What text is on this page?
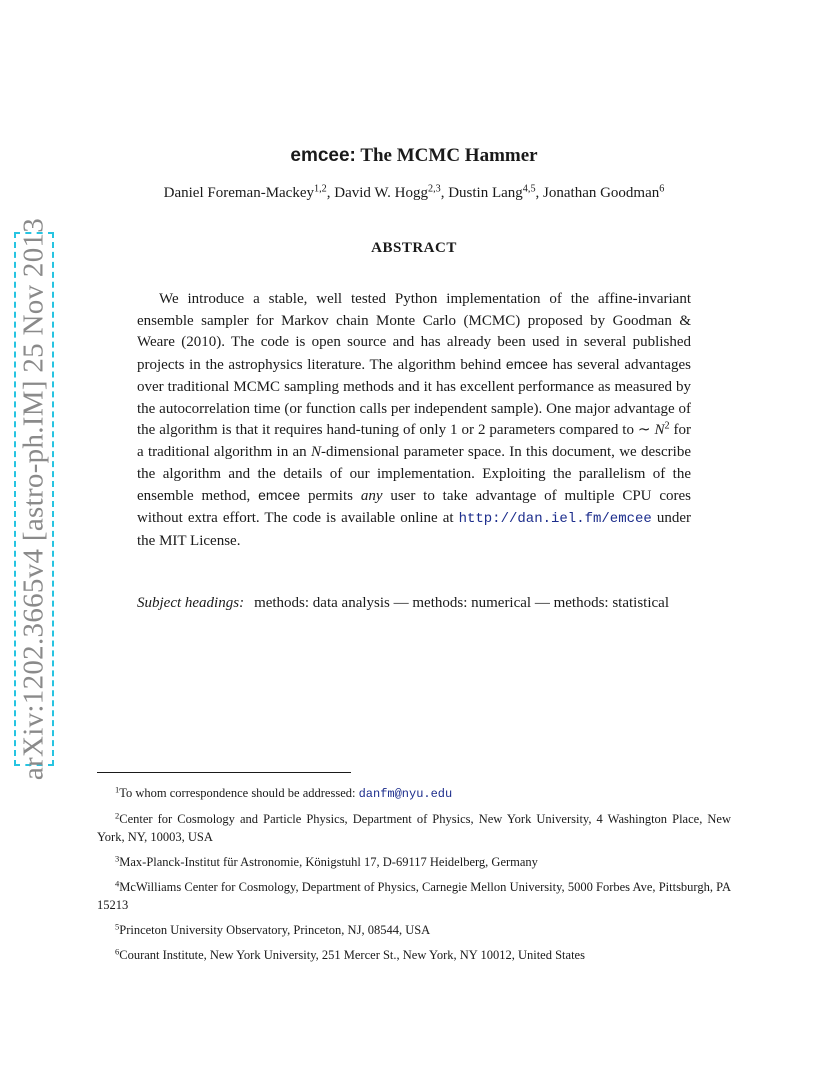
arXiv:1202.3665v4 [astro-ph.IM] 25 Nov 2013
emcee: The MCMC Hammer
Daniel Foreman-Mackey$^{1,2}$, David W. Hogg$^{2,3}$, Dustin Lang$^{4,5}$, Jonathan Goodman$^6$
ABSTRACT
We introduce a stable, well tested Python implementation of the affine-invariant ensemble sampler for Markov chain Monte Carlo (MCMC) proposed by Goodman & Weare (2010). The code is open source and has already been used in several published projects in the astrophysics literature. The algorithm behind emcee has several advantages over traditional MCMC sampling methods and it has excellent performance as measured by the autocorrelation time (or function calls per independent sample). One major advantage of the algorithm is that it requires hand-tuning of only 1 or 2 parameters compared to ∼ $N^2$ for a traditional algorithm in an N-dimensional parameter space. In this document, we describe the algorithm and the details of our implementation. Exploiting the parallelism of the ensemble method, emcee permits any user to take advantage of multiple CPU cores without extra effort. The code is available online at http://dan.iel.fm/emcee under the MIT License.
Subject headings: methods: data analysis — methods: numerical — methods: statistical

$^1$To whom correspondence should be addressed: danfm@nyu.edu

$^2$Center for Cosmology and Particle Physics, Department of Physics, New York University, 4 Washington Place, New York, NY, 10003, USA

$^3$Max-Planck-Institut für Astronomie, Königstuhl 17, D-69117 Heidelberg, Germany

$^4$McWilliams Center for Cosmology, Department of Physics, Carnegie Mellon University, 5000 Forbes Ave, Pittsburgh, PA 15213

$^5$Princeton University Observatory, Princeton, NJ, 08544, USA

$^6$Courant Institute, New York University, 251 Mercer St., New York, NY 10012, United States
